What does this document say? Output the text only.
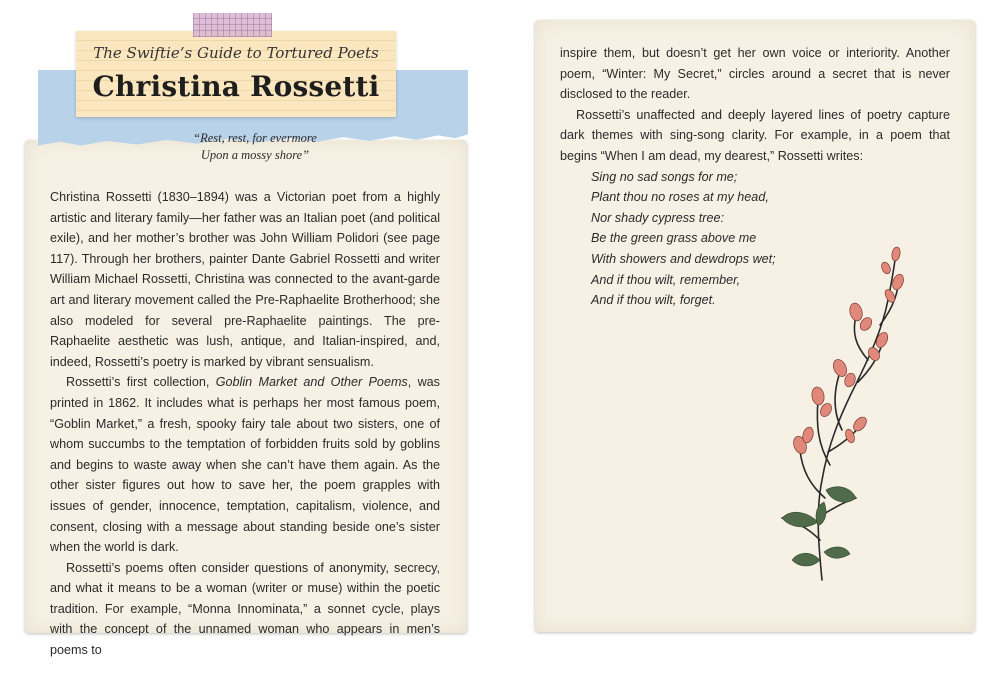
The Swiftie’s Guide to Tortured Poets
Christina Rossetti
“Rest, rest, for evermore
Upon a mossy shore”

Christina Rossetti (1830–1894) was a Victorian poet from a highly artistic and literary family—her father was an Italian poet (and political exile), and her mother’s brother was John William Polidori (see page 117). Through her brothers, painter Dante Gabriel Rossetti and writer William Michael Rossetti, Christina was connected to the avant-garde art and literary movement called the Pre-Raphaelite Brotherhood; she also modeled for several pre-Raphaelite paintings. The pre-Raphaelite aesthetic was lush, antique, and Italian-inspired, and, indeed, Rossetti’s poetry is marked by vibrant sensualism.

Rossetti’s first collection, Goblin Market and Other Poems, was printed in 1862. It includes what is perhaps her most famous poem, “Goblin Market,” a fresh, spooky fairy tale about two sisters, one of whom succumbs to the temptation of forbidden fruits sold by goblins and begins to waste away when she can’t have them again. As the other sister figures out how to save her, the poem grapples with issues of gender, innocence, temptation, capitalism, violence, and consent, closing with a message about standing beside one’s sister when the world is dark.

Rossetti’s poems often consider questions of anonymity, secrecy, and what it means to be a woman (writer or muse) within the poetic tradition. For example, “Monna Innominata,” a sonnet cycle, plays with the concept of the unnamed woman who appears in men’s poems to

inspire them, but doesn’t get her own voice or interiority. Another poem, “Winter: My Secret,” circles around a secret that is never disclosed to the reader.

Rossetti’s unaffected and deeply layered lines of poetry capture dark themes with sing-song clarity. For example, in a poem that begins “When I am dead, my dearest,” Rossetti writes:

Sing no sad songs for me;
Plant thou no roses at my head,
Nor shady cypress tree:
Be the green grass above me
With showers and dewdrops wet;
And if thou wilt, remember,
And if thou wilt, forget.
